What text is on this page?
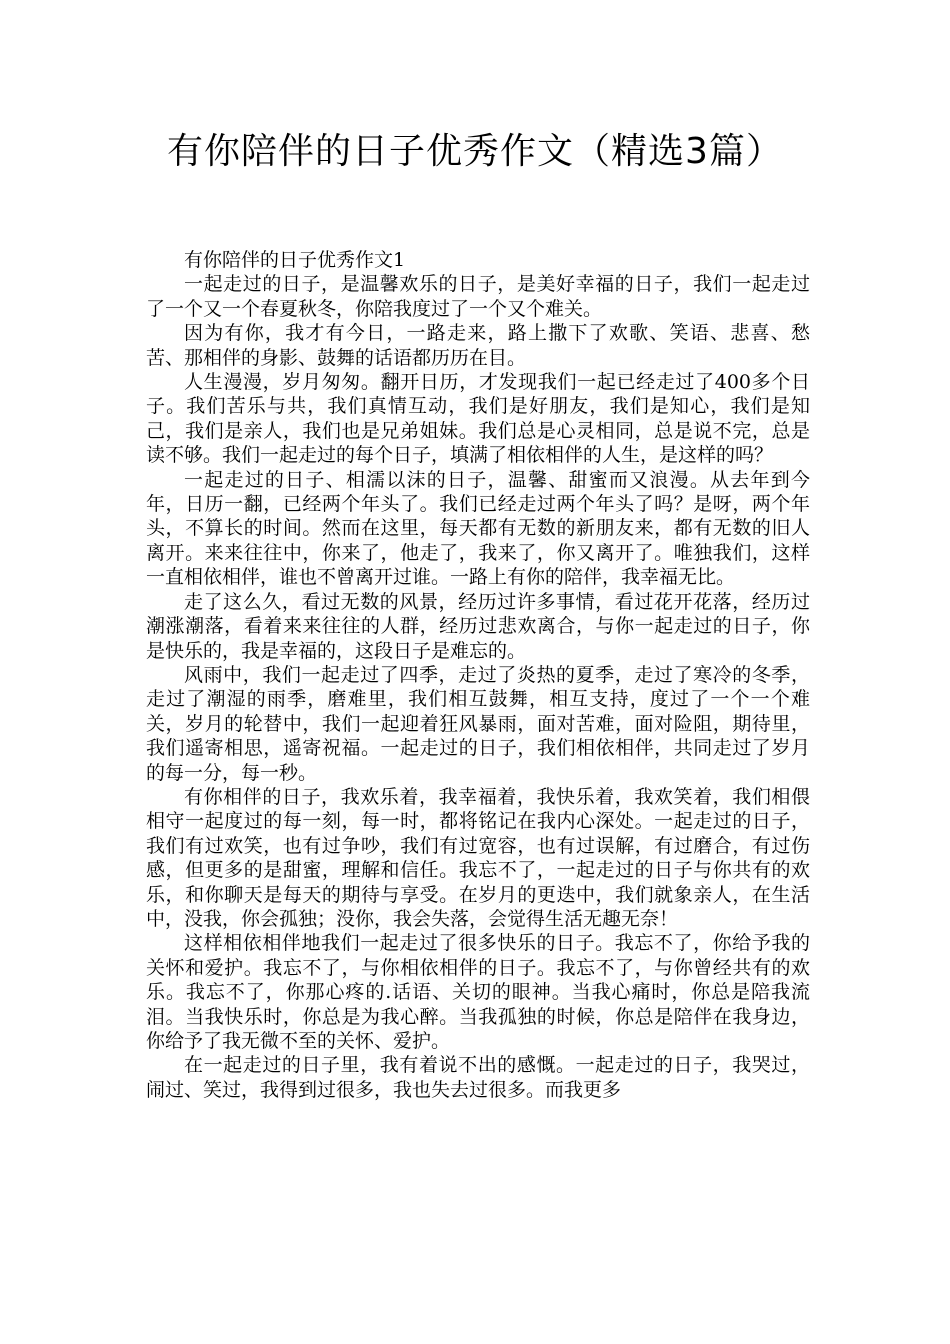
有你陪伴的日子优秀作文（精选3篇）

有你陪伴的日子优秀作文1

一起走过的日子，是温馨欢乐的日子，是美好幸福的日子，我们一起走过了一个又一个春夏秋冬，你陪我度过了一个又个难关。

因为有你，我才有今日，一路走来，路上撒下了欢歌、笑语、悲喜、愁苦、那相伴的身影、鼓舞的话语都历历在目。

人生漫漫，岁月匆匆。翻开日历，才发现我们一起已经走过了400多个日子。我们苦乐与共，我们真情互动，我们是好朋友，我们是知心，我们是知己，我们是亲人，我们也是兄弟姐妹。我们总是心灵相同，总是说不完，总是读不够。我们一起走过的每个日子，填满了相依相伴的人生，是这样的吗？

一起走过的日子、相濡以沫的日子，温馨、甜蜜而又浪漫。从去年到今年，日历一翻，已经两个年头了。我们已经走过两个年头了吗？是呀，两个年头，不算长的时间。然而在这里，每天都有无数的新朋友来，都有无数的旧人离开。来来往往中，你来了，他走了，我来了，你又离开了。唯独我们，这样一直相依相伴，谁也不曾离开过谁。一路上有你的陪伴，我幸福无比。

走了这么久，看过无数的风景，经历过许多事情，看过花开花落，经历过潮涨潮落，看着来来往往的人群，经历过悲欢离合，与你一起走过的日子，你是快乐的，我是幸福的，这段日子是难忘的。

风雨中，我们一起走过了四季，走过了炎热的夏季，走过了寒冷的冬季，走过了潮湿的雨季，磨难里，我们相互鼓舞，相互支持，度过了一个一个难关，岁月的轮替中，我们一起迎着狂风暴雨，面对苦难，面对险阻，期待里，我们遥寄相思，遥寄祝福。一起走过的日子，我们相依相伴，共同走过了岁月的每一分，每一秒。

有你相伴的日子，我欢乐着，我幸福着，我快乐着，我欢笑着，我们相偎相守一起度过的每一刻，每一时，都将铭记在我内心深处。一起走过的日子，我们有过欢笑，也有过争吵，我们有过宽容，也有过误解，有过磨合，有过伤感，但更多的是甜蜜，理解和信任。我忘不了，一起走过的日子与你共有的欢乐，和你聊天是每天的期待与享受。在岁月的更迭中，我们就象亲人，在生活中，没我，你会孤独；没你，我会失落，会觉得生活无趣无奈！

这样相依相伴地我们一起走过了很多快乐的日子。我忘不了，你给予我的关怀和爱护。我忘不了，与你相依相伴的日子。我忘不了，与你曾经共有的欢乐。我忘不了，你那心疼的.话语、关切的眼神。当我心痛时，你总是陪我流泪。当我快乐时，你总是为我心醉。当我孤独的时候，你总是陪伴在我身边，你给予了我无微不至的关怀、爱护。

在一起走过的日子里，我有着说不出的感慨。一起走过的日子，我哭过，闹过、笑过，我得到过很多，我也失去过很多。而我更多
